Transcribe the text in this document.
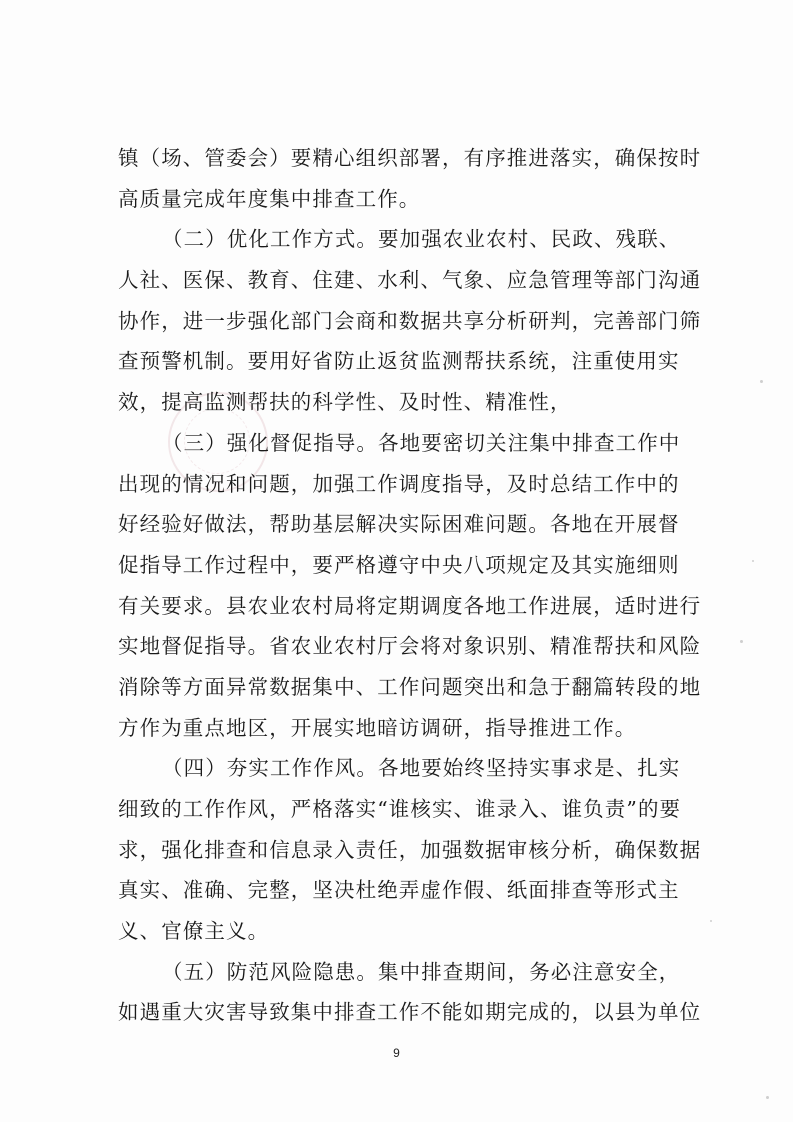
镇（场、管委会）要精心组织部署，有序推进落实，确保按时
高质量完成年度集中排查工作。
（二）优化工作方式。要加强农业农村、民政、残联、
人社、医保、教育、住建、水利、气象、应急管理等部门沟通
协作，进一步强化部门会商和数据共享分析研判，完善部门筛
查预警机制。要用好省防止返贫监测帮扶系统，注重使用实
效，提高监测帮扶的科学性、及时性、精准性，
（三）强化督促指导。各地要密切关注集中排查工作中
出现的情况和问题，加强工作调度指导，及时总结工作中的
好经验好做法，帮助基层解决实际困难问题。各地在开展督
促指导工作过程中，要严格遵守中央八项规定及其实施细则
有关要求。县农业农村局将定期调度各地工作进展，适时进行
实地督促指导。省农业农村厅会将对象识别、精准帮扶和风险
消除等方面异常数据集中、工作问题突出和急于翻篇转段的地
方作为重点地区，开展实地暗访调研，指导推进工作。
（四）夯实工作作风。各地要始终坚持实事求是、扎实
细致的工作作风，严格落实“谁核实、谁录入、谁负责”的要
求，强化排查和信息录入责任，加强数据审核分析，确保数据
真实、准确、完整，坚决杜绝弄虚作假、纸面排查等形式主
义、官僚主义。
（五）防范风险隐患。集中排查期间，务必注意安全，
如遇重大灾害导致集中排查工作不能如期完成的，以县为单位
9
